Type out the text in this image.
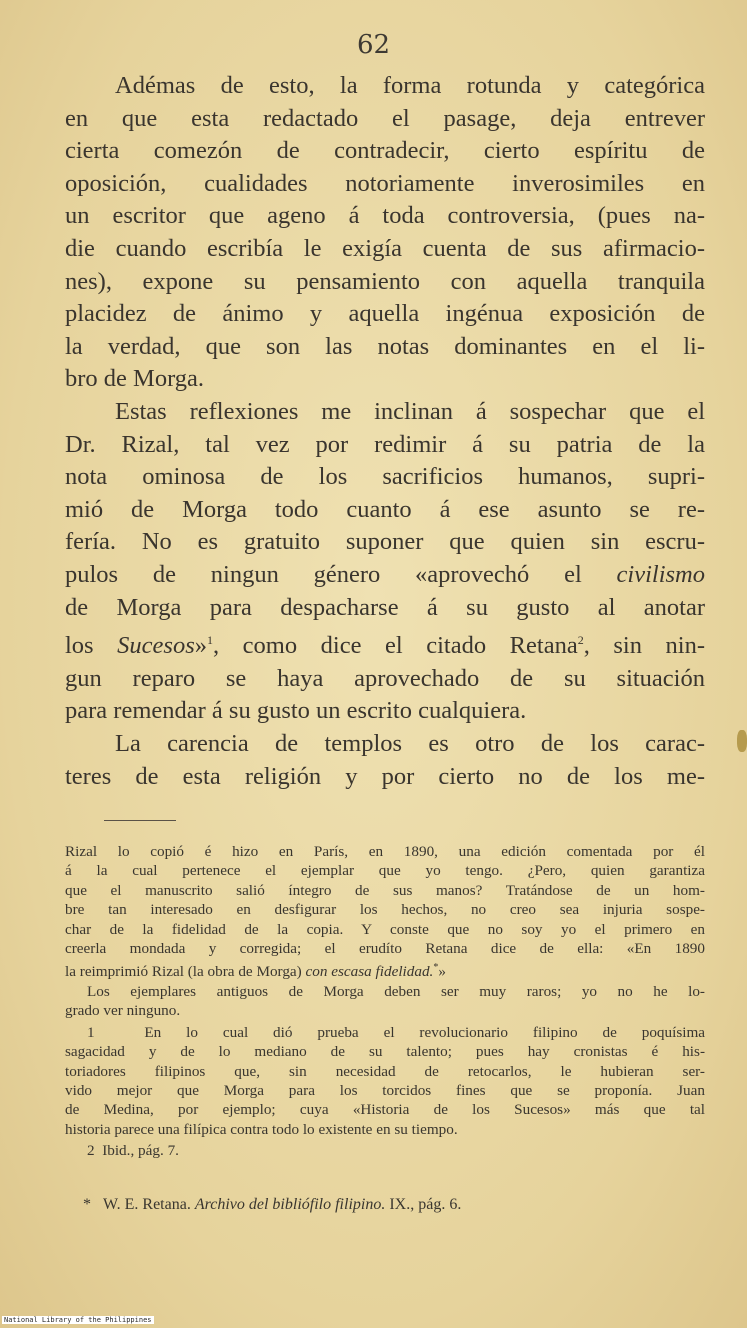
62
Adémas de esto, la forma rotunda y categórica
en que esta redactado el pasage, deja entrever
cierta comezón de contradecir, cierto espíritu de
oposición, cualidades notoriamente inverosimiles en
un escritor que ageno á toda controversia, (pues na-
die cuando escribía le exigía cuenta de sus afirmacio-
nes), expone su pensamiento con aquella tranquila
placidez de ánimo y aquella ingénua exposición de
la verdad, que son las notas dominantes en el li-
bro de Morga.
Estas reflexiones me inclinan á sospechar que el
Dr. Rizal, tal vez por redimir á su patria de la
nota ominosa de los sacrificios humanos, supri-
mió de Morga todo cuanto á ese asunto se re-
fería. No es gratuito suponer que quien sin escru-
pulos de ningun género «aprovechó el civilismo
de Morga para despacharse á su gusto al anotar
los Sucesos»$^1$, como dice el citado Retana$^2$, sin nin-
gun reparo se haya aprovechado de su situación
para remendar á su gusto un escrito cualquiera.
La carencia de templos es otro de los carac-
teres de esta religión y por cierto no de los me-
Rizal lo copió é hizo en París, en 1890, una edición comentada por él
á la cual pertenece el ejemplar que yo tengo. ¿Pero, quien garantiza
que el manuscrito salió íntegro de sus manos? Tratándose de un hom-
bre tan interesado en desfigurar los hechos, no creo sea injuria sospe-
char de la fidelidad de la copia. Y conste que no soy yo el primero en
creerla mondada y corregida; el erudíto Retana dice de ella: «En 1890
la reimprimió Rizal (la obra de Morga) con escasa fidelidad.*»
Los ejemplares antiguos de Morga deben ser muy raros; yo no he lo-
grado ver ninguno.
1	En lo cual dió prueba el revolucionario filipino de poquísima
sagacidad y de lo mediano de su talento; pues hay cronistas é his-
toriadores filipinos que, sin necesidad de retocarlos, le hubieran ser-
vido mejor que Morga para los torcidos fines que se proponía. Juan
de Medina, por ejemplo; cuya «Historia de los Sucesos» más que tal
historia parece una filípica contra todo lo existente en su tiempo.
2 Ibid., pág. 7.
* W. E. Retana. Archivo del bibliófilo filipino. IX., pág. 6.
National Library of the Philippines
